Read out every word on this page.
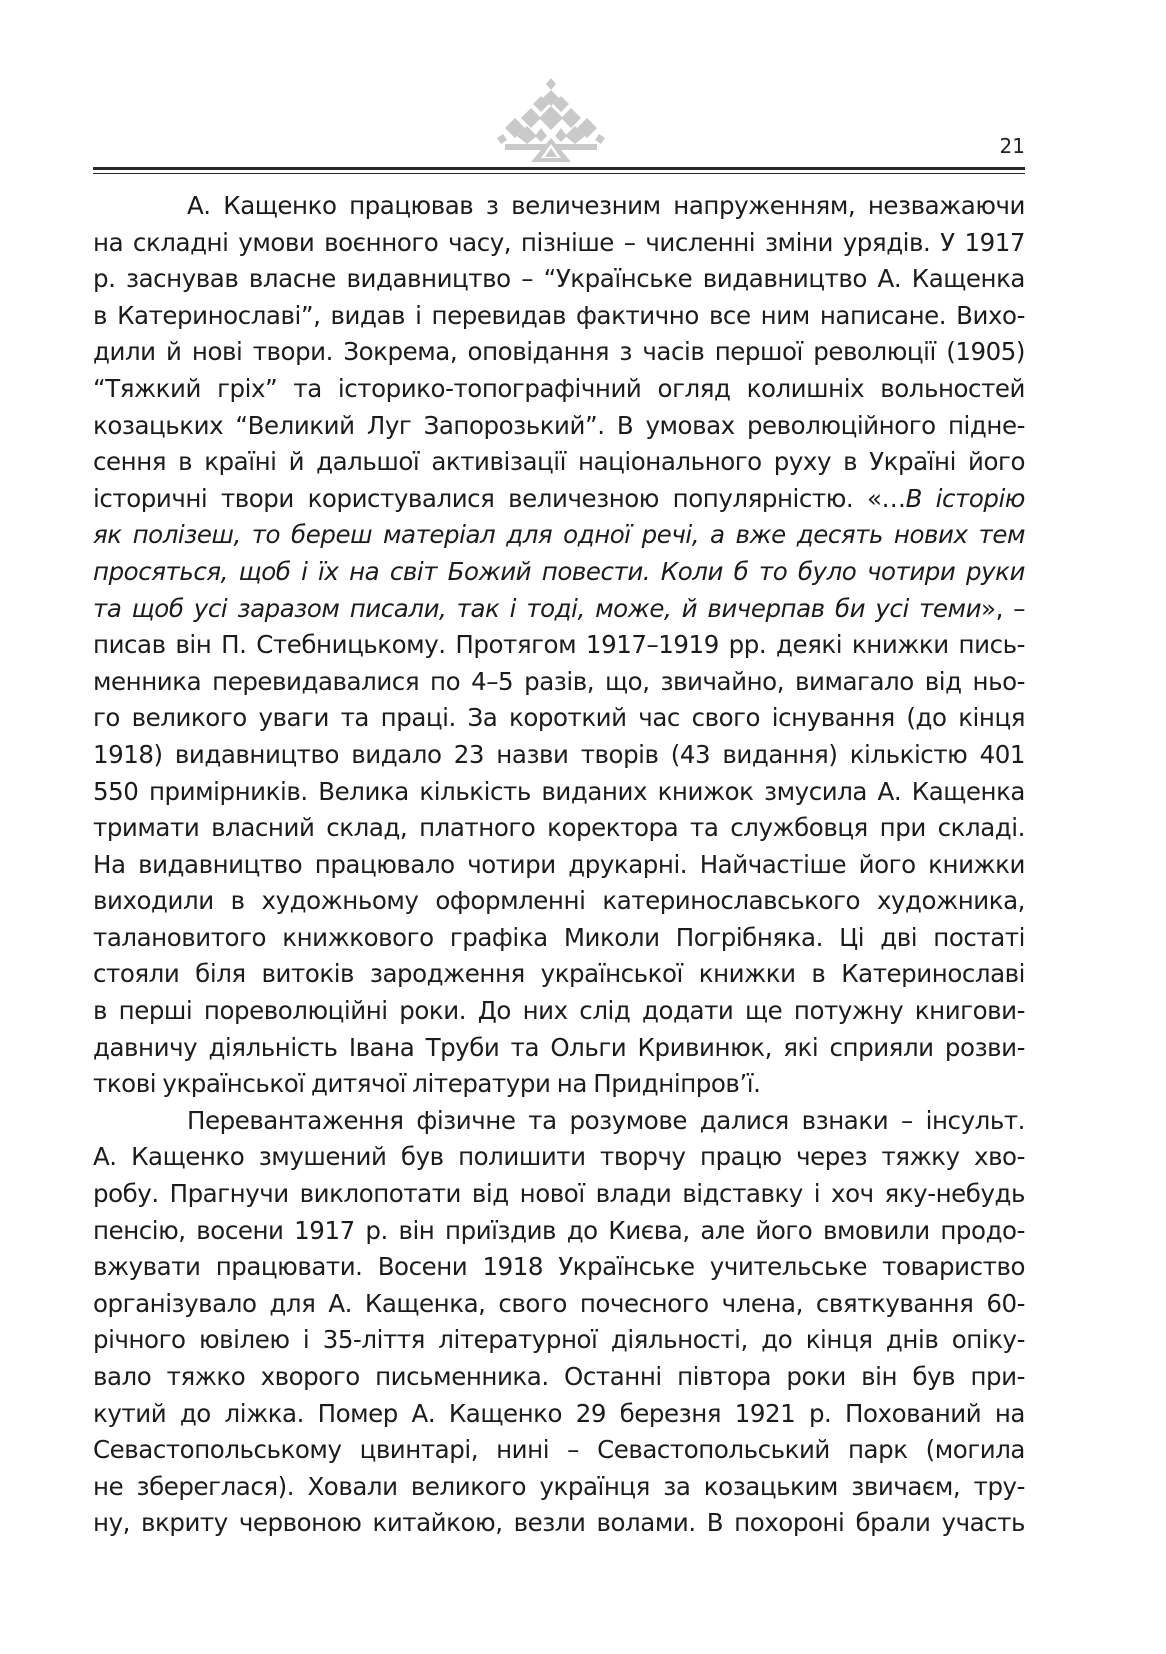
21
А. Кащенко працював з величезним напруженням, незважаючи
на складні умови воєнного часу, пізніше – численні зміни урядів. У 1917
р. заснував власне видавництво – “Українське видавництво А. Кащенка
в Катеринославі”, видав і перевидав фактично все ним написане. Вихо-
дили й нові твори. Зокрема, оповідання з часів першої революції (1905)
“Тяжкий гріх” та історико-топографічний огляд колишніх вольностей
козацьких “Великий Луг Запорозький”. В умовах революційного підне-
сення в країні й дальшої активізації національного руху в Україні його
історичні твори користувалися величезною популярністю. «…В історію
як полізеш, то береш матеріал для одної речі, а вже десять нових тем
просяться, щоб і їх на світ Божий повести. Коли б то було чотири руки
та щоб усі заразом писали, так і тоді, може, й вичерпав би усі теми», –
писав він П. Стебницькому. Протягом 1917–1919 рр. деякі книжки пись-
менника перевидавалися по 4–5 разів, що, звичайно, вимагало від ньо-
го великого уваги та праці. За короткий час свого існування (до кінця
1918) видавництво видало 23 назви творів (43 видання) кількістю 401
550 примірників. Велика кількість виданих книжок змусила А. Кащенка
тримати власний склад, платного коректора та службовця при складі.
На видавництво працювало чотири друкарні. Найчастіше його книжки
виходили в художньому оформленні катеринославського художника,
талановитого книжкового графіка Миколи Погрібняка. Ці дві постаті
стояли біля витоків зародження української книжки в Катеринославі
в перші пореволюційні роки. До них слід додати ще потужну книгови-
давничу діяльність Івана Труби та Ольги Кривинюк, які сприяли розви-
ткові української дитячої літератури на Придніпров’ї.
Перевантаження фізичне та розумове далися взнаки – інсульт.
А. Кащенко змушений був полишити творчу працю через тяжку хво-
робу. Прагнучи виклопотати від нової влади відставку і хоч яку-небудь
пенсію, восени 1917 р. він приїздив до Києва, але його вмовили продо-
вжувати працювати. Восени 1918 Українське учительське товариство
організувало для А. Кащенка, свого почесного члена, святкування 60-
річного ювілею і 35-ліття літературної діяльності, до кінця днів опіку-
вало тяжко хворого письменника. Останні півтора роки він був при-
кутий до ліжка. Помер А. Кащенко 29 березня 1921 р. Похований на
Севастопольському цвинтарі, нині – Севастопольський парк (могила
не збереглася). Ховали великого українця за козацьким звичаєм, тру-
ну, вкриту червоною китайкою, везли волами. В похороні брали участь
